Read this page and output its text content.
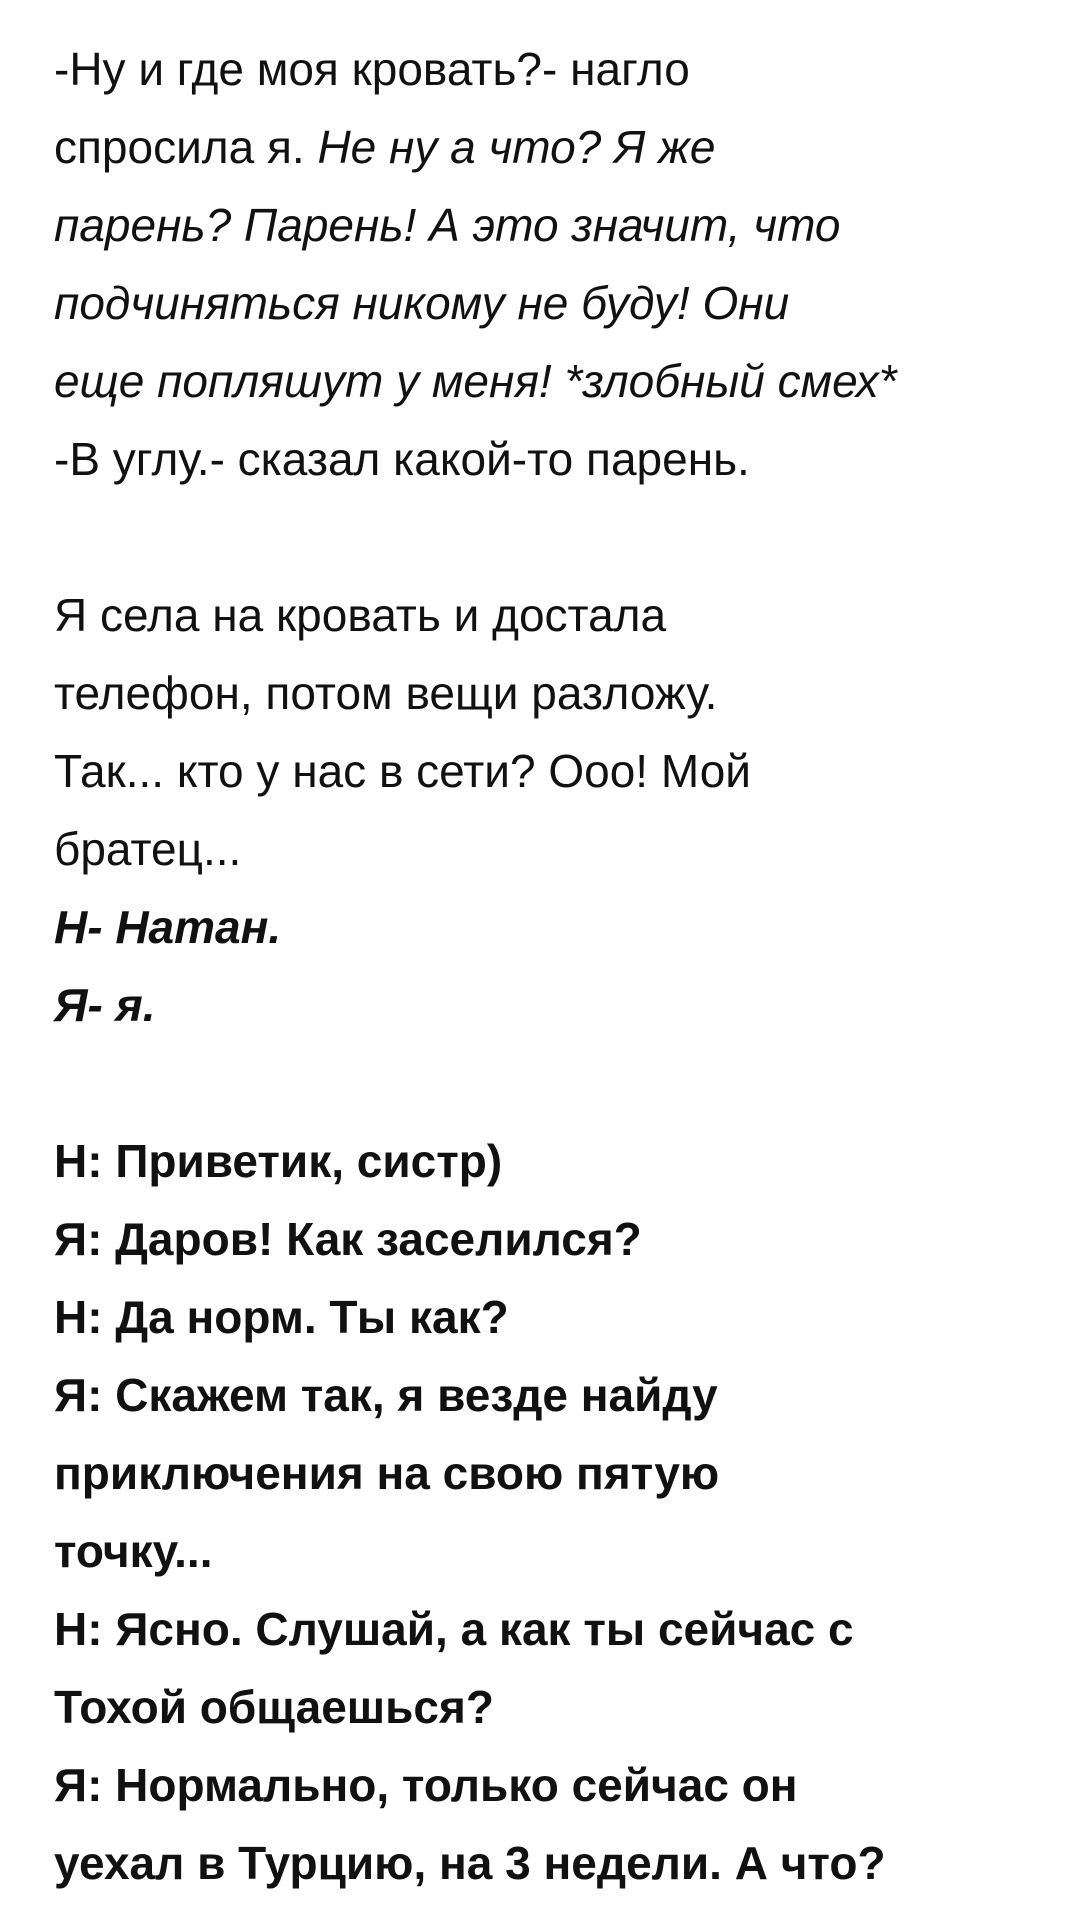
-Ну и где моя кровать?- нагло
спросила я. Не ну а что? Я же
парень? Парень! А это значит, что
подчиняться никому не буду! Они
еще попляшут у меня! *злобный смех*
-В углу.- сказал какой-то парень.
Я села на кровать и достала
телефон, потом вещи разложу.
Так... кто у нас в сети? Ооо! Мой
братец...
Н- Натан.
Я- я.
Н: Приветик, систр)
Я: Даров! Как заселился?
Н: Да норм. Ты как?
Я: Скажем так, я везде найду
приключения на свою пятую
точку...
Н: Ясно. Слушай, а как ты сейчас с
Тохой общаешься?
Я: Нормально, только сейчас он
уехал в Турцию, на 3 недели. А что?
